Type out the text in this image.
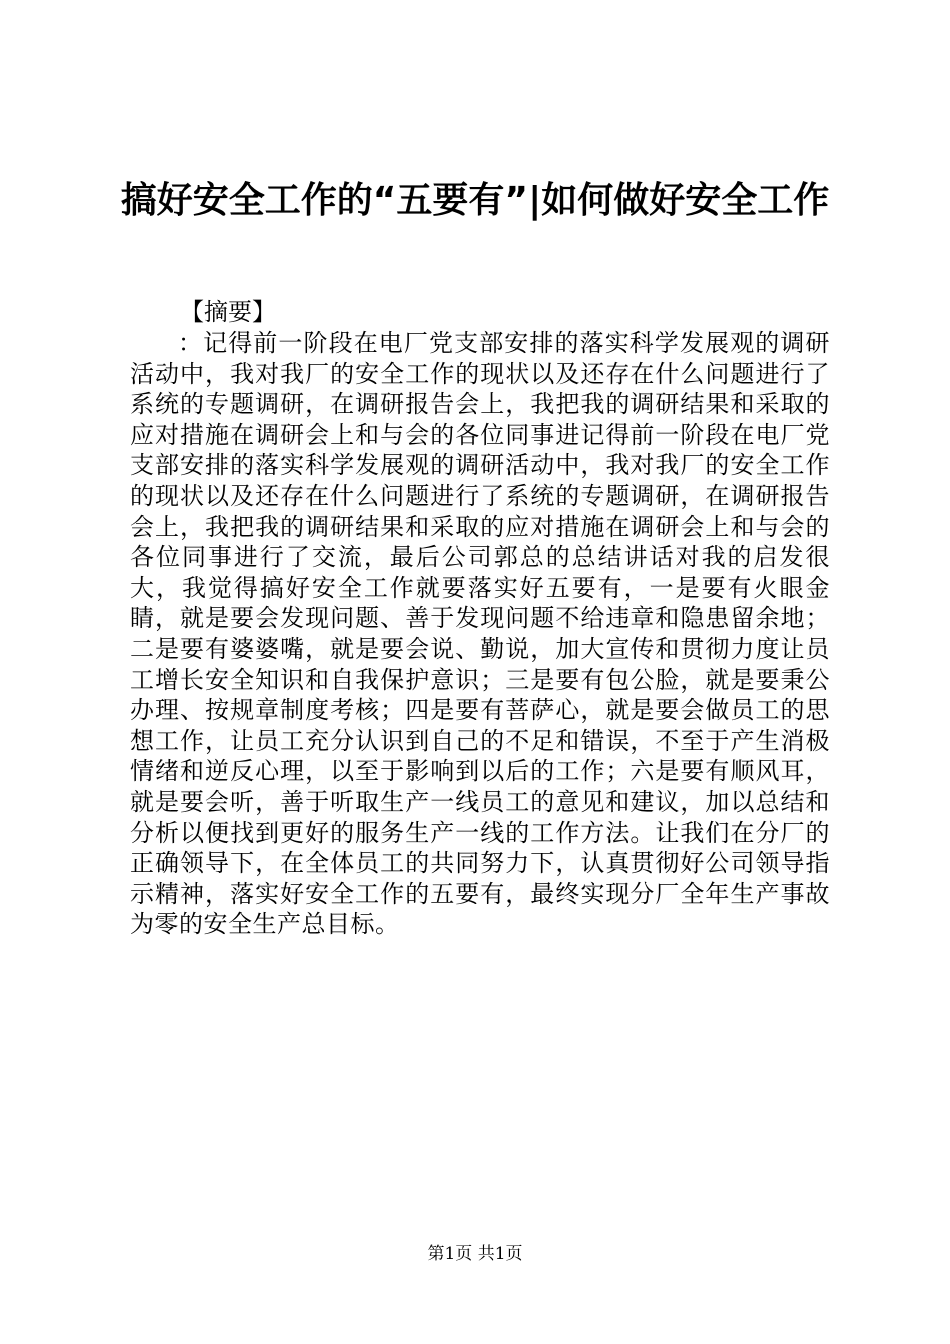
搞好安全工作的“五要有”|如何做好安全工作

【摘要】

：记得前一阶段在电厂党支部安排的落实科学发展观的调研活动中，我对我厂的安全工作的现状以及还存在什么问题进行了系统的专题调研，在调研报告会上，我把我的调研结果和采取的应对措施在调研会上和与会的各位同事进记得前一阶段在电厂党支部安排的落实科学发展观的调研活动中，我对我厂的安全工作的现状以及还存在什么问题进行了系统的专题调研，在调研报告会上，我把我的调研结果和采取的应对措施在调研会上和与会的各位同事进行了交流，最后公司郭总的总结讲话对我的启发很大，我觉得搞好安全工作就要落实好五要有，一是要有火眼金睛，就是要会发现问题、善于发现问题不给违章和隐患留余地；二是要有婆婆嘴，就是要会说、勤说，加大宣传和贯彻力度让员工增长安全知识和自我保护意识；三是要有包公脸，就是要秉公办理、按规章制度考核；四是要有菩萨心，就是要会做员工的思想工作，让员工充分认识到自己的不足和错误，不至于产生消极情绪和逆反心理，以至于影响到以后的工作；六是要有顺风耳，就是要会听，善于听取生产一线员工的意见和建议，加以总结和分析以便找到更好的服务生产一线的工作方法。让我们在分厂的正确领导下，在全体员工的共同努力下，认真贯彻好公司领导指示精神，落实好安全工作的五要有，最终实现分厂全年生产事故为零的安全生产总目标。

第1页 共1页
